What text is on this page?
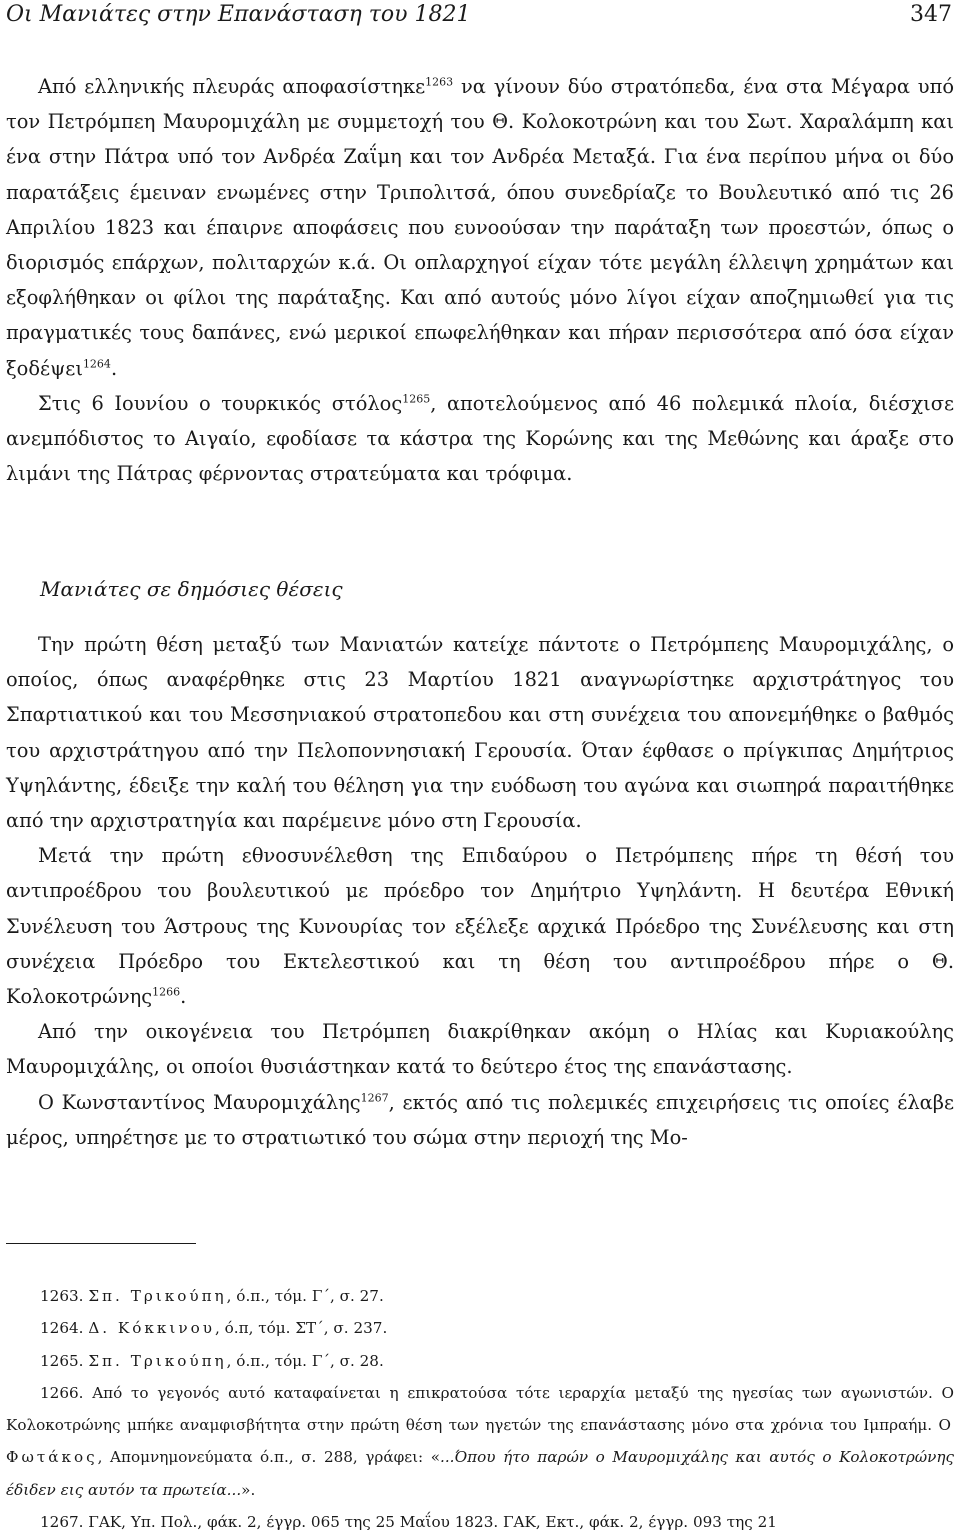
Οι Μανιάτες στην Επανάσταση του 1821	347

Από ελληνικής πλευράς αποφασίστηκε$^{1263}$ να γίνουν δύο στρατόπεδα, ένα στα Μέγαρα υπό τον Πετρόμπεη Μαυρομιχάλη με συμμετοχή του Θ. Κολοκοτρώνη και του Σωτ. Χαραλάμπη και ένα στην Πάτρα υπό τον Ανδρέα Ζαΐμη και τον Ανδρέα Μεταξά. Για ένα περίπου μήνα οι δύο παρατάξεις έμειναν ενωμένες στην Τριπολιτσά, όπου συνεδρίαζε το Βουλευτικό από τις 26 Απριλίου 1823 και έπαιρνε αποφάσεις που ευνοούσαν την παράταξη των προεστών, όπως ο διορισμός επάρχων, πολιταρχών κ.ά. Οι οπλαρχηγοί είχαν τότε μεγάλη έλλειψη χρημάτων και εξοφλήθηκαν οι φίλοι της παράταξης. Και από αυτούς μόνο λίγοι είχαν αποζημιωθεί για τις πραγματικές τους δαπάνες, ενώ μερικοί επωφελήθηκαν και πήραν περισσότερα από όσα είχαν ξοδέψει$^{1264}$.

Στις 6 Ιουνίου ο τουρκικός στόλος$^{1265}$, αποτελούμενος από 46 πολεμικά πλοία, διέσχισε ανεμπόδιστος το Αιγαίο, εφοδίασε τα κάστρα της Κορώνης και της Μεθώνης και άραξε στο λιμάνι της Πάτρας φέρνοντας στρατεύματα και τρόφιμα.

Μανιάτες σε δημόσιες θέσεις

Την πρώτη θέση μεταξύ των Μανιατών κατείχε πάντοτε ο Πετρόμπεης Μαυρομιχάλης, ο οποίος, όπως αναφέρθηκε στις 23 Μαρτίου 1821 αναγνωρίστηκε αρχιστράτηγος του Σπαρτιατικού και του Μεσσηνιακού στρατοπεδου και στη συνέχεια του απονεμήθηκε ο βαθμός του αρχιστράτηγου από την Πελοποννησιακή Γερουσία. Όταν έφθασε ο πρίγκιπας Δημήτριος Υψηλάντης, έδειξε την καλή του θέληση για την ευόδωση του αγώνα και σιωπηρά παραιτήθηκε από την αρχιστρατηγία και παρέμεινε μόνο στη Γερουσία.

Μετά την πρώτη εθνοσυνέλεθση της Επιδαύρου ο Πετρόμπεης πήρε τη θέσή του αντιπροέδρου του βουλευτικού με πρόεδρο τον Δημήτριο Υψηλάντη. Η δευτέρα Εθνική Συνέλευση του Άστρους της Κυνουρίας τον εξέλεξε αρχικά Πρόεδρο της Συνέλευσης και στη συνέχεια Πρόεδρο του Εκτελεστικού και τη θέση του αντιπροέδρου πήρε ο Θ. Κολοκοτρώνης$^{1266}$.

Από την οικογένεια του Πετρόμπεη διακρίθηκαν ακόμη ο Ηλίας και Κυριακούλης Μαυρομιχάλης, οι οποίοι θυσιάστηκαν κατά το δεύτερο έτος της επανάστασης.

Ο Κωνσταντίνος Μαυρομιχάλης$^{1267}$, εκτός από τις πολεμικές επιχειρήσεις τις οποίες έλαβε μέρος, υπηρέτησε με το στρατιωτικό του σώμα στην περιοχή της Μο-

1263. Σπ. Τρικούπη, ό.π., τόμ. Γ΄, σ. 27.

1264. Δ. Κόκκινου, ό.π, τόμ. ΣΤ΄, σ. 237.

1265. Σπ. Τρικούπη, ό.π., τόμ. Γ΄, σ. 28.

1266. Από το γεγονός αυτό καταφαίνεται η επικρατούσα τότε ιεραρχία μεταξύ της ηγεσίας των αγωνιστών. Ο Κολοκοτρώνης μπήκε αναμφισβήτητα στην πρώτη θέση των ηγετών της επανάστασης μόνο στα χρόνια του Ιμπραήμ. Ο Φωτάκος, Απομνημονεύματα ό.π., σ. 288, γράφει: «...Όπου ήτο παρών ο Μαυρομιχάλης και αυτός ο Κολοκοτρώνης έδιδεν εις αυτόν τα πρωτεία...».

1267. ΓΑΚ, Υπ. Πολ., φάκ. 2, έγγρ. 065 της 25 Μαΐου 1823. ΓΑΚ, Εκτ., φάκ. 2, έγγρ. 093 της 21
